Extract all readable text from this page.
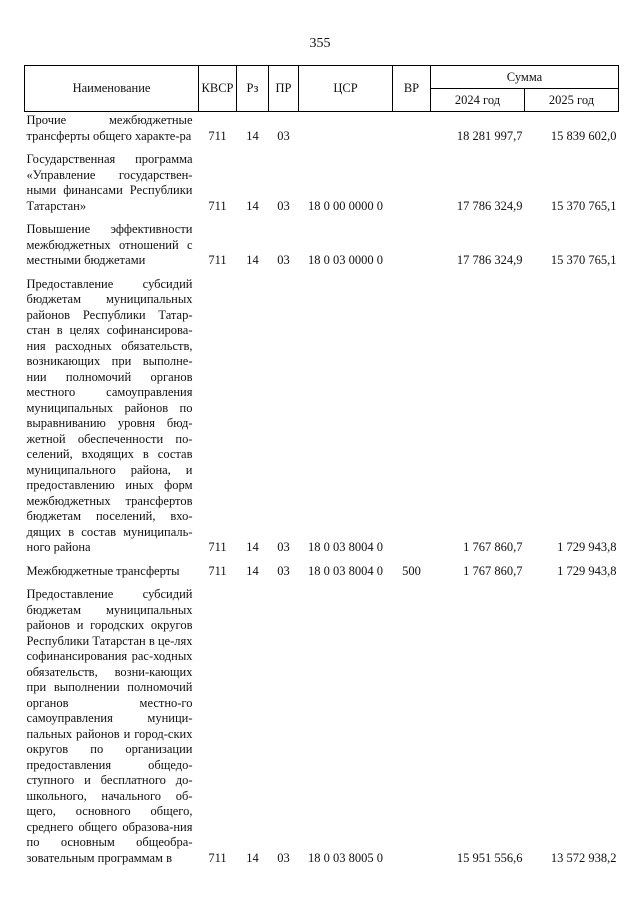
355
Наименование	КВСР	Рз	ПР	ЦСР	ВР	Сумма	
						2024 год	2025 год
Прочие межбюджетные трансферты общего характе-ра	711	14	03			18 281 997,7	15 839 602,0

Государственная программа «Управление государствен-ными финансами Республики Татарстан»	711	14	03	18 0 00 0000 0		17 786 324,9	15 370 765,1

Повышение эффективности межбюджетных отношений с местными бюджетами	711	14	03	18 0 03 0000 0		17 786 324,9	15 370 765,1

Предоставление субсидий бюджетам муниципальных районов Республики Татар-стан в целях софинансирова-ния расходных обязательств, возникающих при выполне-нии полномочий органов местного самоуправления муниципальных районов по выравниванию уровня бюд-жетной обеспеченности по-селений, входящих в состав муниципального района, и предоставлению иных форм межбюджетных трансфертов бюджетам поселений, вхо-дящих в состав муниципаль-ного района	711	14	03	18 0 03 8004 0		1 767 860,7	1 729 943,8

Межбюджетные трансферты	711	14	03	18 0 03 8004 0	500	1 767 860,7	1 729 943,8

Предоставление субсидий бюджетам муниципальных районов и городских округов Республики Татарстан в це-лях софинансирования рас-ходных обязательств, возни-кающих при выполнении полномочий органов местно-го самоуправления муници-пальных районов и город-ских округов по организации предоставления общедо-ступного и бесплатного до-школьного, начального об-щего, основного общего, среднего общего образова-ния по основным общеобра-зовательным программам в	711	14	03	18 0 03 8005 0		15 951 556,6	13 572 938,2
